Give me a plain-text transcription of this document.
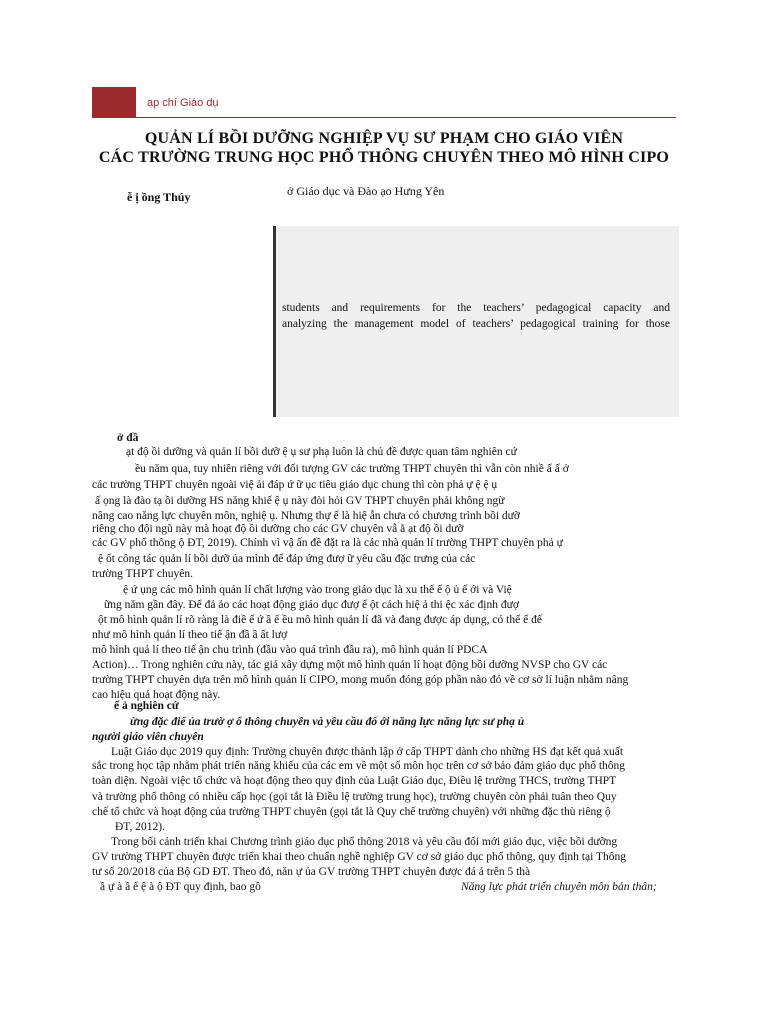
ạp chí Giáo dụ
QUẢN LÍ BỒI DƯỠNG NGHIỆP VỤ SƯ PHẠM CHO GIÁO VIÊN
CÁC TRƯỜNG TRUNG HỌC PHỔ THÔNG CHUYÊN THEO MÔ HÌNH CIPO
ễ ị ồng Thúy	ở Giáo dục và Đào ạo Hưng Yên
students and requirements for the teachers’ pedagogical capacity and
analyzing the management model of teachers’ pedagogical training for those
ở đầ
ạt độ ồi dưỡng và quản lí bồi dưỡ ệ ụ sư phạ luôn là chủ đề được quan tâm nghiên cứ
ều năm qua, tuy nhiên riêng với đối tượng GV các trường THPT chuyên thì vẫn còn nhiề ấ ấ ở
các trường THPT chuyên ngoài việ ải đáp ứ ữ ục tiêu giáo dục chung thì còn phả ự ệ ệ ụ
ấ ọng là đào tạ ồi dưỡng HS năng khiế ệ ụ này đòi hỏi GV THPT chuyên phải không ngừ
nâng cao năng lực chuyên môn, nghiệ ụ. Nhưng thự ế là hiệ ẫn chưa có chương trình bồi dưỡ
riêng cho đội ngũ này mà hoạt độ ồi dưỡng cho các GV chuyên vẫ ằ ạt độ ồi dưỡ
các GV phổ thông ộ ĐT, 2019). Chính vì vậ ấn đề đặt ra là các nhà quản lí trường THPT chuyên phả ự
ệ ốt công tác quản lí bồi dưỡ ủa mình để đáp ứng đượ ữ yêu cầu đặc trưng của các
trường THPT chuyên.
ệ ứ ụng các mô hình quản lí chất lượng vào trong giáo dục là xu thế ế ộ ủ ế ới và Việ
ững năm gần đây. Để đả ảo các hoạt động giáo dục đượ ế ột cách hiệ ả thi ệc xác định đượ
ột mô hình quản lí rõ ràng là điề ế ứ ầ ế ều mô hình quản lí đã và đang được áp dụng, có thể ể đế
như mô hình quản lí theo tiế ận đầ ầ ất lượ
mô hình quả lí theo tiế ận chu trình (đầu vào quá trình đầu ra), mô hình quản lí PDCA
Action)… Trong nghiên cứu này, tác giả xây dựng một mô hình quản lí hoạt động bồi dưỡng NVSP cho GV các
trường THPT chuyên dựa trên mô hình quản lí CIPO, mong muốn đóng góp phần nào đó về cơ sở lí luận nhằm nâng
cao hiệu quả hoạt động này.
ế ả nghiên cứ
ừng đặc điể ủa trườ ợ ổ thông chuyên và yêu cầu đố ới năng lực năng lực sư phạ ủ
người giáo viên chuyên
Luật Giáo dục 2019 quy định: Trường chuyên được thành lập ở cấp THPT dành cho những HS đạt kết quả xuất
sắc trong học tập nhằm phát triển năng khiếu của các em về một số môn học trên cơ sở bảo đảm giáo dục phổ thông
toàn diện. Ngoài việc tổ chức và hoạt động theo quy định của Luật Giáo dục, Điều lệ trường THCS, trường THPT
và trường phổ thông có nhiều cấp học (gọi tắt là Điều lệ trường trung học), trường chuyên còn phải tuân theo Quy
chế tổ chức và hoạt động của trường THPT chuyên (gọi tắt là Quy chế trường chuyên) với những đặc thù riêng ộ
ĐT, 2012).
Trong bối cảnh triển khai Chương trình giáo dục phổ thông 2018 và yêu cầu đổi mới giáo dục, việc bồi dưỡng
GV trường THPT chuyên được triển khai theo chuẩn nghề nghiệp GV cơ sở giáo dục phổ thông, quy định tại Thông
tư số 20/2018 của Bộ GD ĐT. Theo đó, năn ự ủa GV trường THPT chuyên được đá ả trên 5 thà
ầ ự à ầ ế ệ à ộ ĐT quy định, bao gồ	Năng lực phát triển chuyên môn bản thân;
